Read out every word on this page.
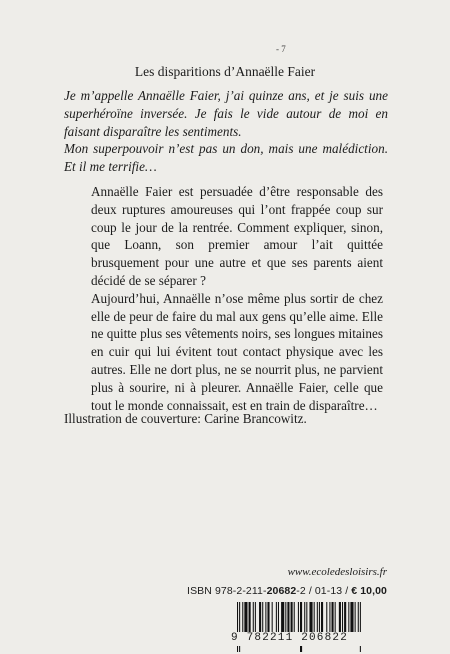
- 7
Les disparitions d’Annaëlle Faier

Je m’appelle Annaëlle Faier, j’ai quinze ans, et je suis une superhéroïne inversée. Je fais le vide autour de moi en faisant disparaître les sentiments.

Mon superpouvoir n’est pas un don, mais une malédiction. Et il me terrifie…

Annaëlle Faier est persuadée d’être responsable des deux ruptures amoureuses qui l’ont frappée coup sur coup le jour de la rentrée. Comment expliquer, sinon, que Loann, son premier amour l’ait quittée brusquement pour une autre et que ses parents aient décidé de se séparer ?

Aujourd’hui, Annaëlle n’ose même plus sortir de chez elle de peur de faire du mal aux gens qu’elle aime. Elle ne quitte plus ses vêtements noirs, ses longues mitaines en cuir qui lui évitent tout contact physique avec les autres. Elle ne dort plus, ne se nourrit plus, ne parvient plus à sourire, ni à pleurer. Annaëlle Faier, celle que tout le monde connaissait, est en train de disparaître…

Illustration de couverture: Carine Brancowitz.
www.ecoledesloisirs.fr
ISBN 978-2-211-20682-2 / 01-13 / € 10,00
9 782211 206822
